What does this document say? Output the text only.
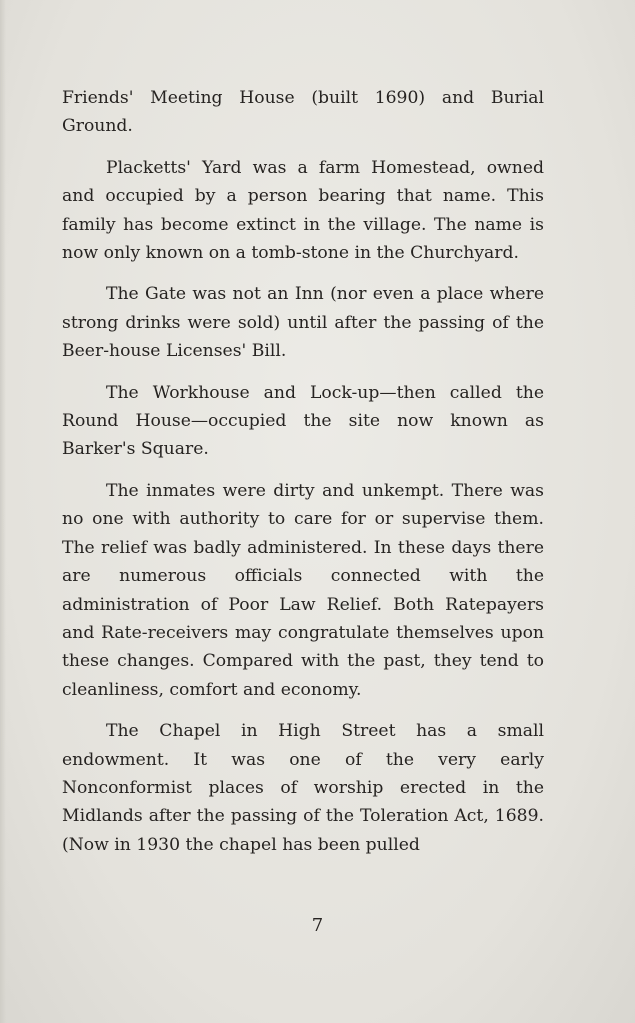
Friends' Meeting House (built 1690) and Burial Ground.

Placketts' Yard was a farm Homestead, owned and occupied by a person bearing that name. This family has become extinct in the village. The name is now only known on a tomb-stone in the Churchyard.

The Gate was not an Inn (nor even a place where strong drinks were sold) until after the passing of the Beer-house Licenses' Bill.

The Workhouse and Lock-up—then called the Round House—occupied the site now known as Barker's Square.

The inmates were dirty and unkempt. There was no one with authority to care for or supervise them. The relief was badly administered. In these days there are numerous officials connected with the administration of Poor Law Relief. Both Ratepayers and Rate-receivers may congratulate themselves upon these changes. Compared with the past, they tend to cleanliness, comfort and economy.

The Chapel in High Street has a small endowment. It was one of the very early Nonconformist places of worship erected in the Midlands after the passing of the Toleration Act, 1689. (Now in 1930 the chapel has been pulled

7
